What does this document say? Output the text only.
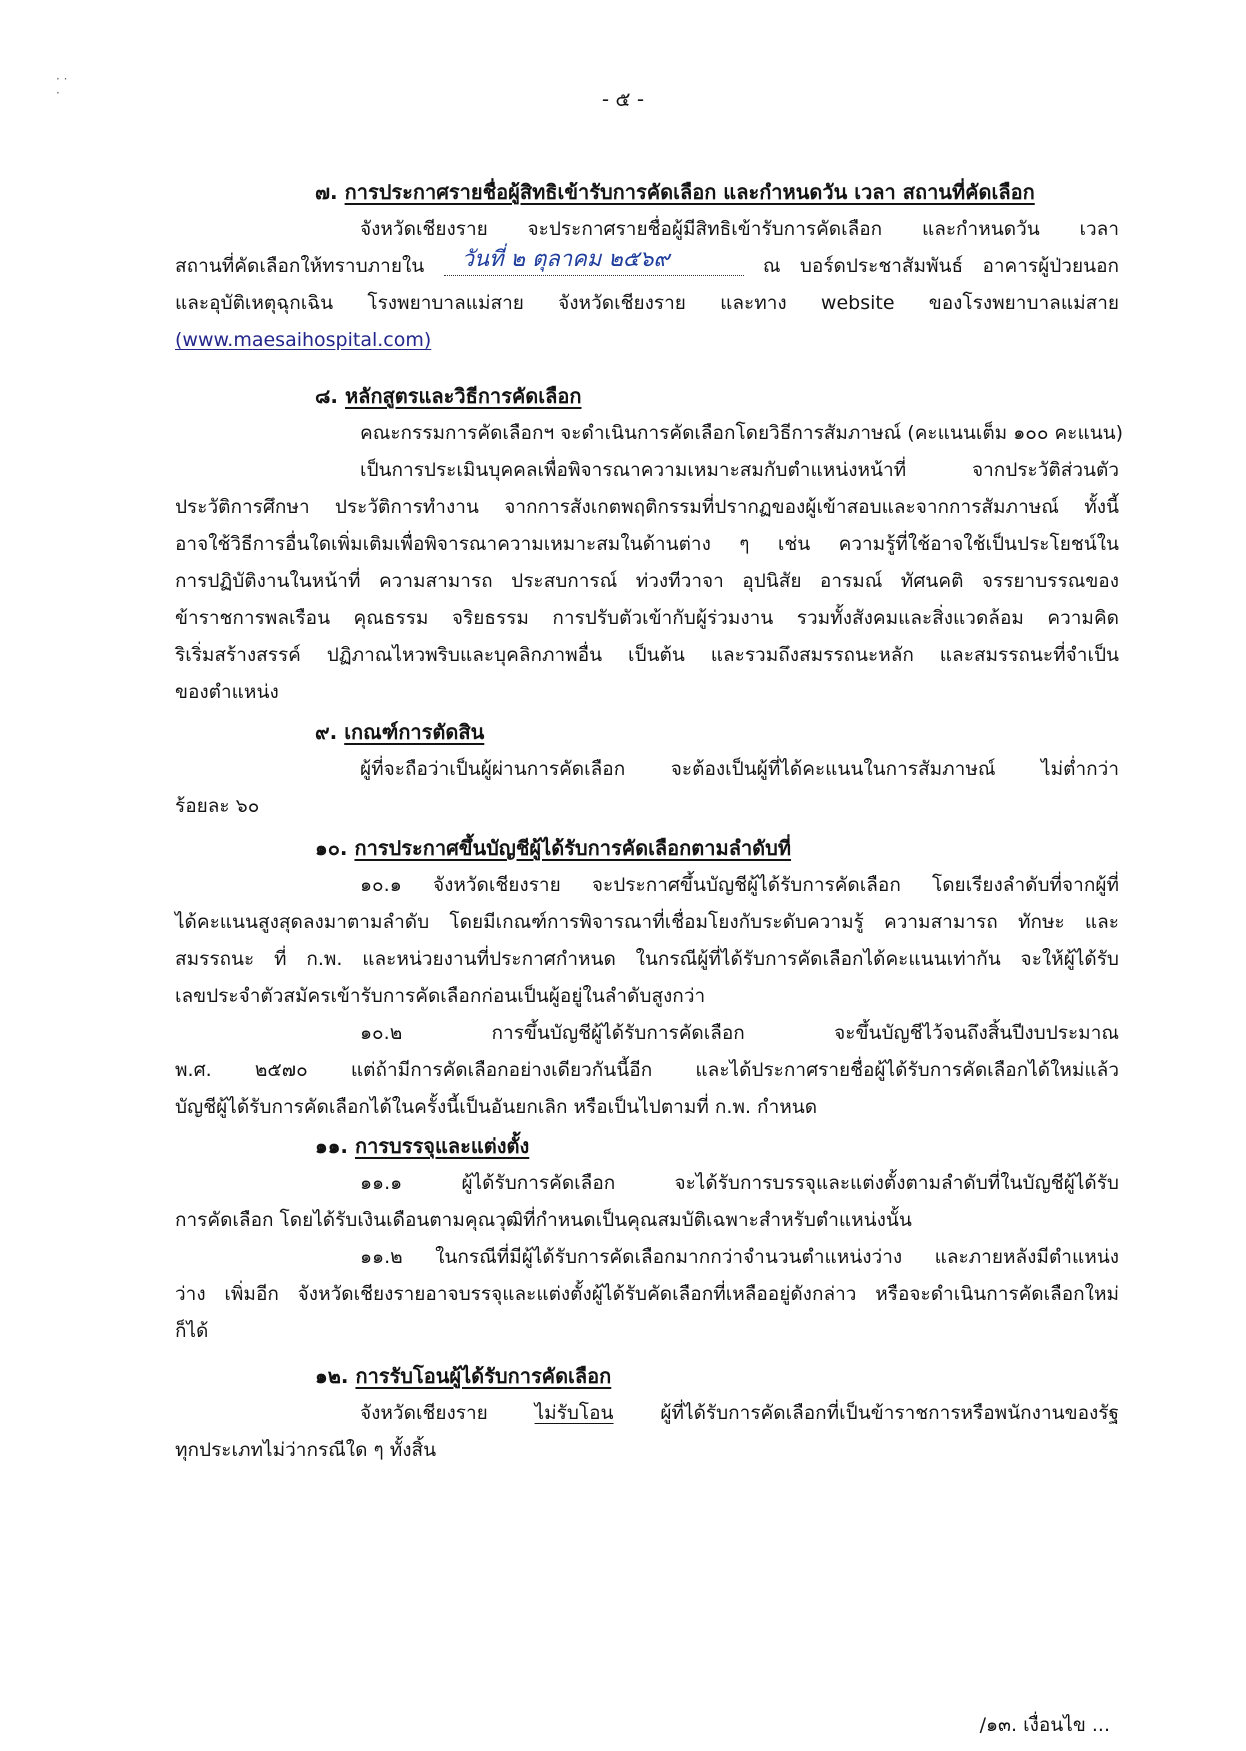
· ·
·	- ๕ -
๗. การประกาศรายชื่อผู้สิทธิเข้ารับการคัดเลือก และกำหนดวัน เวลา สถานที่คัดเลือก
จังหวัดเชียงราย จะประกาศรายชื่อผู้มีสิทธิเข้ารับการคัดเลือก และกำหนดวัน เวลา
สถานที่คัดเลือกให้ทราบภายใน วันที่ ๒ ตุลาคม ๒๕๖๙	ณ บอร์ดประชาสัมพันธ์ อาคารผู้ป่วยนอก
และอุบัติเหตุฉุกเฉิน โรงพยาบาลแม่สาย จังหวัดเชียงราย และทาง website ของโรงพยาบาลแม่สาย
(www.maesaihospital.com)
๘. หลักสูตรและวิธีการคัดเลือก
คณะกรรมการคัดเลือกฯ จะดำเนินการคัดเลือกโดยวิธีการสัมภาษณ์ (คะแนนเต็ม ๑๐๐ คะแนน)
เป็นการประเมินบุคคลเพื่อพิจารณาความเหมาะสมกับตำแหน่งหน้าที่ จากประวัติส่วนตัว
ประวัติการศึกษา ประวัติการทำงาน จากการสังเกตพฤติกรรมที่ปรากฏของผู้เข้าสอบและจากการสัมภาษณ์ ทั้งนี้
อาจใช้วิธีการอื่นใดเพิ่มเติมเพื่อพิจารณาความเหมาะสมในด้านต่าง ๆ เช่น ความรู้ที่ใช้อาจใช้เป็นประโยชน์ใน
การปฏิบัติงานในหน้าที่ ความสามารถ ประสบการณ์ ท่วงทีวาจา อุปนิสัย อารมณ์ ทัศนคติ จรรยาบรรณของ
ข้าราชการพลเรือน คุณธรรม จริยธรรม การปรับตัวเข้ากับผู้ร่วมงาน รวมทั้งสังคมและสิ่งแวดล้อม ความคิด
ริเริ่มสร้างสรรค์ ปฏิภาณไหวพริบและบุคลิกภาพอื่น เป็นต้น และรวมถึงสมรรถนะหลัก และสมรรถนะที่จำเป็น
ของตำแหน่ง
๙. เกณฑ์การตัดสิน
ผู้ที่จะถือว่าเป็นผู้ผ่านการคัดเลือก จะต้องเป็นผู้ที่ได้คะแนนในการสัมภาษณ์ ไม่ต่ำกว่า
ร้อยละ ๖๐
๑๐. การประกาศขึ้นบัญชีผู้ได้รับการคัดเลือกตามลำดับที่
๑๐.๑ จังหวัดเชียงราย จะประกาศขึ้นบัญชีผู้ได้รับการคัดเลือก โดยเรียงลำดับที่จากผู้ที่
ได้คะแนนสูงสุดลงมาตามลำดับ โดยมีเกณฑ์การพิจารณาที่เชื่อมโยงกับระดับความรู้ ความสามารถ ทักษะ และ
สมรรถนะ ที่ ก.พ. และหน่วยงานที่ประกาศกำหนด ในกรณีผู้ที่ได้รับการคัดเลือกได้คะแนนเท่ากัน จะให้ผู้ได้รับ
เลขประจำตัวสมัครเข้ารับการคัดเลือกก่อนเป็นผู้อยู่ในลำดับสูงกว่า
๑๐.๒ การขึ้นบัญชีผู้ได้รับการคัดเลือก จะขึ้นบัญชีไว้จนถึงสิ้นปีงบประมาณ
พ.ศ. ๒๕๗๐ แต่ถ้ามีการคัดเลือกอย่างเดียวกันนี้อีก และได้ประกาศรายชื่อผู้ได้รับการคัดเลือกได้ใหม่แล้ว
บัญชีผู้ได้รับการคัดเลือกได้ในครั้งนี้เป็นอันยกเลิก หรือเป็นไปตามที่ ก.พ. กำหนด
๑๑. การบรรจุและแต่งตั้ง
๑๑.๑ ผู้ได้รับการคัดเลือก จะได้รับการบรรจุและแต่งตั้งตามลำดับที่ในบัญชีผู้ได้รับ
การคัดเลือก โดยได้รับเงินเดือนตามคุณวุฒิที่กำหนดเป็นคุณสมบัติเฉพาะสำหรับตำแหน่งนั้น
๑๑.๒ ในกรณีที่มีผู้ได้รับการคัดเลือกมากกว่าจำนวนตำแหน่งว่าง และภายหลังมีตำแหน่ง
ว่าง เพิ่มอีก จังหวัดเชียงรายอาจบรรจุและแต่งตั้งผู้ได้รับคัดเลือกที่เหลืออยู่ดังกล่าว หรือจะดำเนินการคัดเลือกใหม่
ก็ได้
๑๒. การรับโอนผู้ได้รับการคัดเลือก
จังหวัดเชียงราย ไม่รับโอน ผู้ที่ได้รับการคัดเลือกที่เป็นข้าราชการหรือพนักงานของรัฐ
ทุกประเภทไม่ว่ากรณีใด ๆ ทั้งสิ้น
/๑๓. เงื่อนไข ...
